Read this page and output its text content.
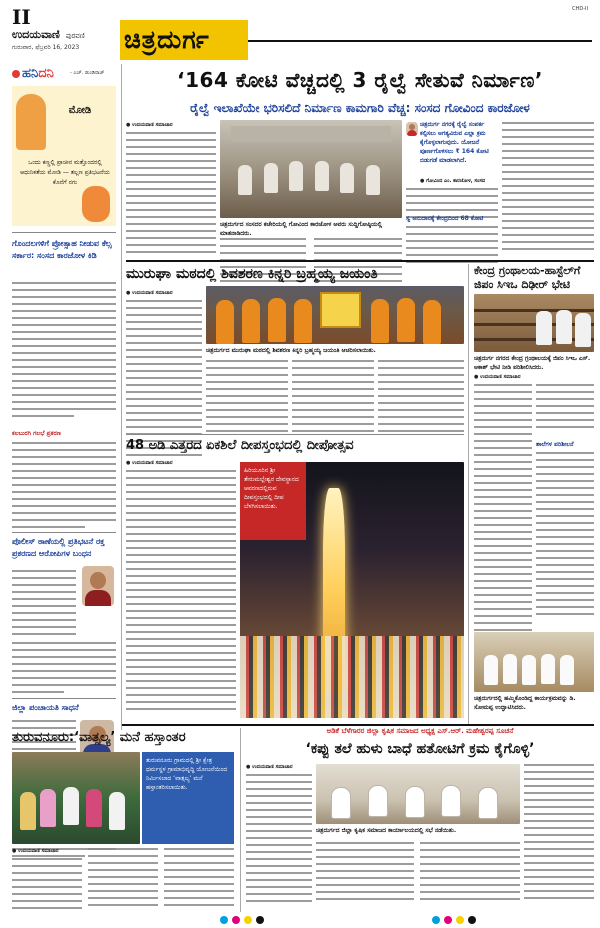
II
ಉದಯವಾಣಿ ಪುರವಣಿ
ಗುರುವಾರ, ಫೆಬ್ರವರಿ 16, 2023	ಚಿತ್ರದುರ್ಗ
CHD-II
ಹನಿದನಿ	- ಎಚ್. ಡುಂಡಿರಾಜ್
ಮೋಡಿ
ಒಂದು ಕಣ್ಣಲ್ಲಿ ಪ್ರಾಚೀನ ಮತ್ತೊಂದರಲ್ಲಿ ಆಧುನಿಕತೆಯ ಮೋಡಿ — ತಲ್ಲಣ ಪ್ರತಿಭಟನೆಯ ಕೊನೆಗೆ ನಗು
ಗೊಂದಲಗಳಿಗೆ ಪ್ರೋತ್ಸಾಹ ನೀಡುವ ಕೆಲ್ಸ ಸರ್ಕಾರ: ಸಂಸದ ಕಾರಜೋಳ ಕಿಡಿ
ಕಲಬುರಗಿ ಗಲಭೆ ಪ್ರಕರಣ
ಪೊಲೀಸ್ ಠಾಣೆಯಲ್ಲಿ ಪ್ರತಿಭಟನೆ ರಕ್ತ ಪ್ರಕರಣದ ಆರೋಪಿಗಳ ಬಂಧನ
ಜಿಲ್ಲಾ ಪಂಚಾಯತಿ ಸಾಧನೆ
‘164 ಕೋಟಿ ವೆಚ್ಚದಲ್ಲಿ 3 ರೈಲ್ವೆ ಸೇತುವೆ ನಿರ್ಮಾಣ’
ರೈಲ್ವೆ ಇಲಾಖೆಯೇ ಭರಿಸಲಿದೆ ನಿರ್ಮಾಣ ಕಾಮಗಾರಿ ವೆಚ್ಚ: ಸಂಸದ ಗೋವಿಂದ ಕಾರಜೋಳ
● ಉದಯವಾಣಿ ಸಮಾಚಾರ
ಚಿತ್ರದುರ್ಗದ ಸಂಸದರ ಕಚೇರಿಯಲ್ಲಿ ಗೋವಿಂದ ಕಾರಜೋಳ ಅವರು ಸುದ್ದಿಗೋಷ್ಠಿಯಲ್ಲಿ ಮಾತನಾಡಿದರು.
ಚಿತ್ರದುರ್ಗ ನಗರಕ್ಕೆ ರೈಲ್ವೆ ಸಂಪರ್ಕ ಕಲ್ಪಿಸಲು ಅಗತ್ಯವಿರುವ ಎಲ್ಲಾ ಕ್ರಮ ಕೈಗೊಳ್ಳಲಾಗುವುದು. ಯೋಜನೆ ಪೂರ್ಣಗೊಳಿಸಲು ₹ 164 ಕೋಟಿ ಬಿಡುಗಡೆ ಮಾಡಲಾಗಿದೆ.
● ಗೋವಿಂದ ಎಂ. ಕಾರಜೋಳ, ಸಂಸದ
ಸ್ವ ಅನುದಾನಕ್ಕೆ ಕೇಂದ್ರದಿಂದ 68 ಕೋಟಿ
ಮುರುಘಾ ಮಠದಲ್ಲಿ ಶಿವಶರಣ ಕಿನ್ನರಿ ಬ್ರಹ್ಮಯ್ಯ ಜಯಂತಿ
● ಉದಯವಾಣಿ ಸಮಾಚಾರ
ಚಿತ್ರದುರ್ಗದ ಮುರುಘಾ ಮಠದಲ್ಲಿ ಶಿವಶರಣ ಕಿನ್ನರಿ ಬ್ರಹ್ಮಯ್ಯ ಜಯಂತಿ ಆಚರಿಸಲಾಯಿತು.
ಕೇಂದ್ರ ಗ್ರಂಥಾಲಯ-ಹಾಸ್ಟೆಲ್‌ಗೆ ಜಿಪಂ ಸಿಇಒ ದಿಢೀರ್ ಭೇಟಿ
ಚಿತ್ರದುರ್ಗ ನಗರದ ಕೇಂದ್ರ ಗ್ರಂಥಾಲಯಕ್ಕೆ ಜಿಪಂ ಸಿಇಒ ಎಸ್. ಆಕಾಶ್ ಭೇಟಿ ನೀಡಿ ಪರಿಶೀಲಿಸಿದರು.
● ಉದಯವಾಣಿ ಸಮಾಚಾರ
ಶಾಲೆಗಳ ಪರಿಶೀಲನೆ
ಚಿತ್ರದುರ್ಗದಲ್ಲಿ ಹಮ್ಮಿಕೊಂಡಿದ್ದ ಕಾರ್ಯಕ್ರಮವನ್ನು ಡಿ. ಸೋಮಪ್ಪ ಉದ್ಘಾಟಿಸಿದರು.
48 ಅಡಿ ಎತ್ತರದ ಏಕಶಿಲೆ ದೀಪಸ್ತಂಭದಲ್ಲಿ ದೀಪೋತ್ಸವ
● ಉದಯವಾಣಿ ಸಮಾಚಾರ
ಹಿರಿಯೂರಿನ ಶ್ರೀ ತೇರುಮಲ್ಲೇಶ್ವರ ದೇವಸ್ಥಾನದ ಆವರಣದಲ್ಲಿರುವ ದೀಪಸ್ತಂಭದಲ್ಲಿ ದೀಪ ಬೆಳಗಿಸಲಾಯಿತು.
ತುರುವನೂರು:‘ವಾತ್ಸಲ್ಯ’ ಮನೆ ಹಸ್ತಾಂತರ
ತುರುವನೂರು ಗ್ರಾಮದಲ್ಲಿ ಶ್ರೀ ಕ್ಷೇತ್ರ ಧರ್ಮಸ್ಥಳ ಗ್ರಾಮಾಭಿವೃದ್ಧಿ ಯೋಜನೆಯಿಂದ ನಿರ್ಮಿಸಲಾದ ‘ವಾತ್ಸಲ್ಯ’ ಮನೆ ಹಸ್ತಾಂತರಿಸಲಾಯಿತು.
● ಉದಯವಾಣಿ ಸಮಾಚಾರ
ಅಡಿಕೆ ಬೆಳೆಗಾರರ ಜಿಲ್ಲಾ ಕೃಷಿಕ ಸಮಾಜದ ಅಧ್ಯಕ್ಷ ಎಸ್.ಆರ್. ಮಹೇಶ್ವರಪ್ಪ ಸೂಚನೆ
‘ಕಪ್ಪು ತಲೆ ಹುಳು ಬಾಧೆ ಹತೋಟಿಗೆ ಕ್ರಮ ಕೈಗೊಳ್ಳಿ’
● ಉದಯವಾಣಿ ಸಮಾಚಾರ
ಚಿತ್ರದುರ್ಗದ ಜಿಲ್ಲಾ ಕೃಷಿಕ ಸಮಾಜದ ಕಾರ್ಯಾಲಯದಲ್ಲಿ ಸಭೆ ನಡೆಯಿತು.
